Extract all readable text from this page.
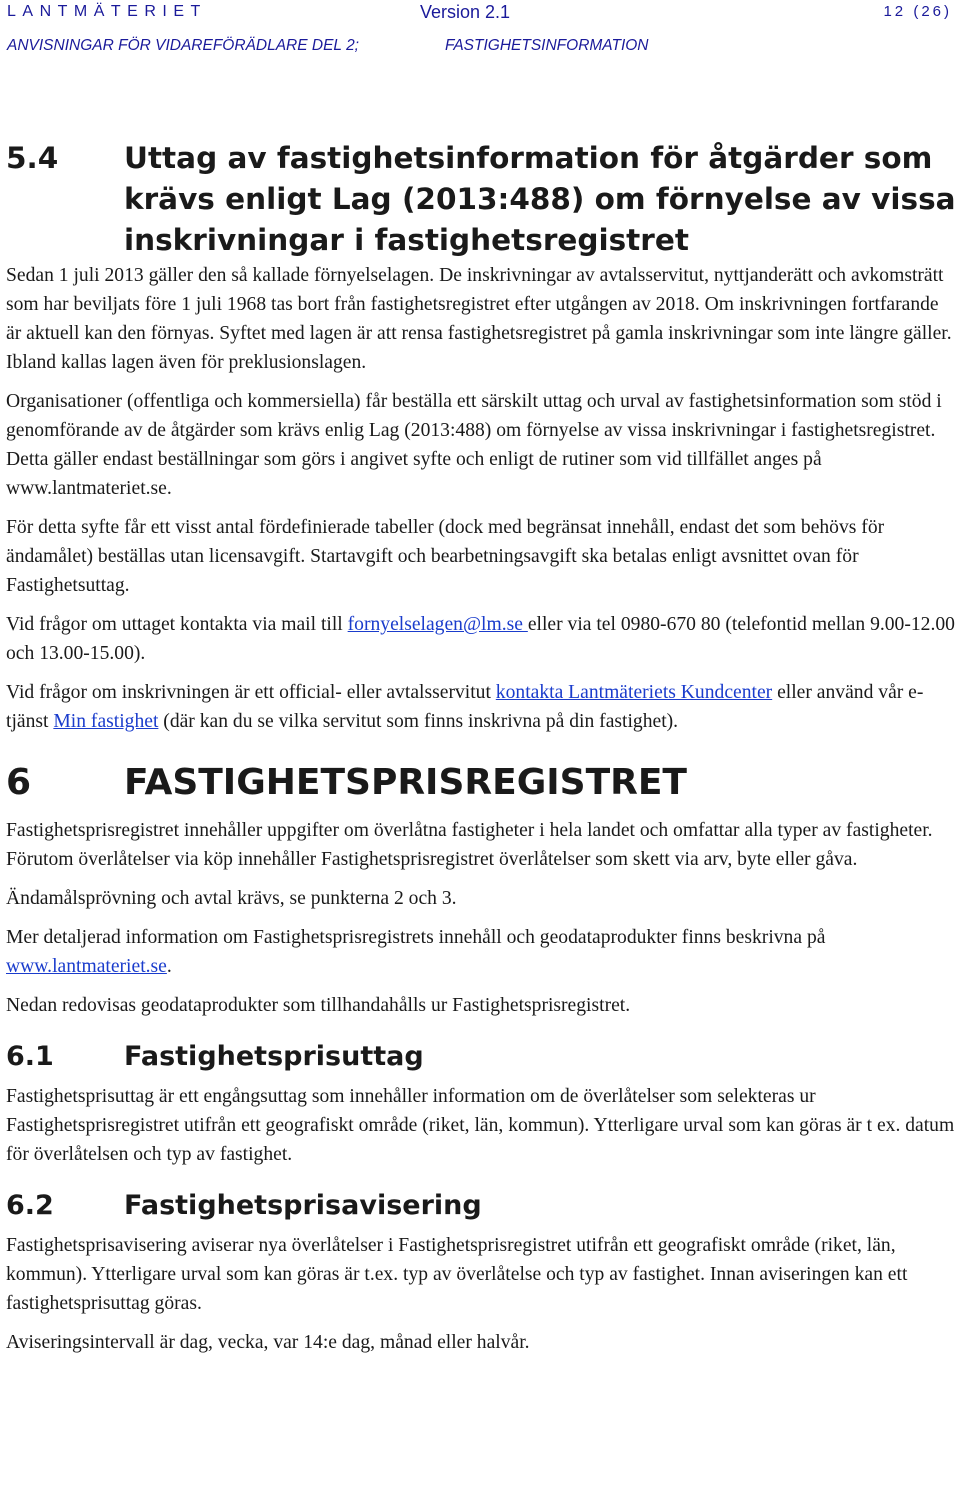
LANTMÄTERIET	Version 2.1	12 (26)
ANVISNINGAR FÖR VIDAREFÖRÄDLARE DEL 2;	FASTIGHETSINFORMATION
5.4	Uttag av fastighetsinformation för åtgärder som krävs enligt Lag (2013:488) om förnyelse av vissa inskrivningar i fastighetsregistret

Sedan 1 juli 2013 gäller den så kallade förnyelselagen. De inskrivningar av avtalsservitut, nyttjanderätt och avkomsträtt som har beviljats före 1 juli 1968 tas bort från fastighetsregistret efter utgången av 2018. Om inskrivningen fortfarande är aktuell kan den förnyas. Syftet med lagen är att rensa fastighetsregistret på gamla inskrivningar som inte längre gäller. Ibland kallas lagen även för preklusionslagen.

Organisationer (offentliga och kommersiella) får beställa ett särskilt uttag och urval av fastighetsinformation som stöd i genomförande av de åtgärder som krävs enlig Lag (2013:488) om förnyelse av vissa inskrivningar i fastighetsregistret. Detta gäller endast beställningar som görs i angivet syfte och enligt de rutiner som vid tillfället anges på www.lantmateriet.se.

För detta syfte får ett visst antal fördefinierade tabeller (dock med begränsat innehåll, endast det som behövs för ändamålet) beställas utan licensavgift. Startavgift och bearbetningsavgift ska betalas enligt avsnittet ovan för Fastighetsuttag.

Vid frågor om uttaget kontakta via mail till fornyelselagen@lm.se eller via tel 0980-670 80 (telefontid mellan 9.00-12.00 och 13.00-15.00).

Vid frågor om inskrivningen är ett official- eller avtalsservitut kontakta Lantmäteriets Kundcenter eller använd vår e-tjänst Min fastighet (där kan du se vilka servitut som finns inskrivna på din fastighet).

6	FASTIGHETSPRISREGISTRET

Fastighetsprisregistret innehåller uppgifter om överlåtna fastigheter i hela landet och omfattar alla typer av fastigheter. Förutom överlåtelser via köp innehåller Fastighetsprisregistret överlåtelser som skett via arv, byte eller gåva.

Ändamålsprövning och avtal krävs, se punkterna 2 och 3.

Mer detaljerad information om Fastighetsprisregistrets innehåll och geodataprodukter finns beskrivna på www.lantmateriet.se.

Nedan redovisas geodataprodukter som tillhandahålls ur Fastighetsprisregistret.

6.1	Fastighetsprisuttag

Fastighetsprisuttag är ett engångsuttag som innehåller information om de överlåtelser som selekteras ur Fastighetsprisregistret utifrån ett geografiskt område (riket, län, kommun). Ytterligare urval som kan göras är t ex. datum för överlåtelsen och typ av fastighet.

6.2	Fastighetsprisavisering

Fastighetsprisavisering aviserar nya överlåtelser i Fastighetsprisregistret utifrån ett geografiskt område (riket, län, kommun). Ytterligare urval som kan göras är t.ex. typ av överlåtelse och typ av fastighet. Innan aviseringen kan ett fastighetsprisuttag göras.

Aviseringsintervall är dag, vecka, var 14:e dag, månad eller halvår.
